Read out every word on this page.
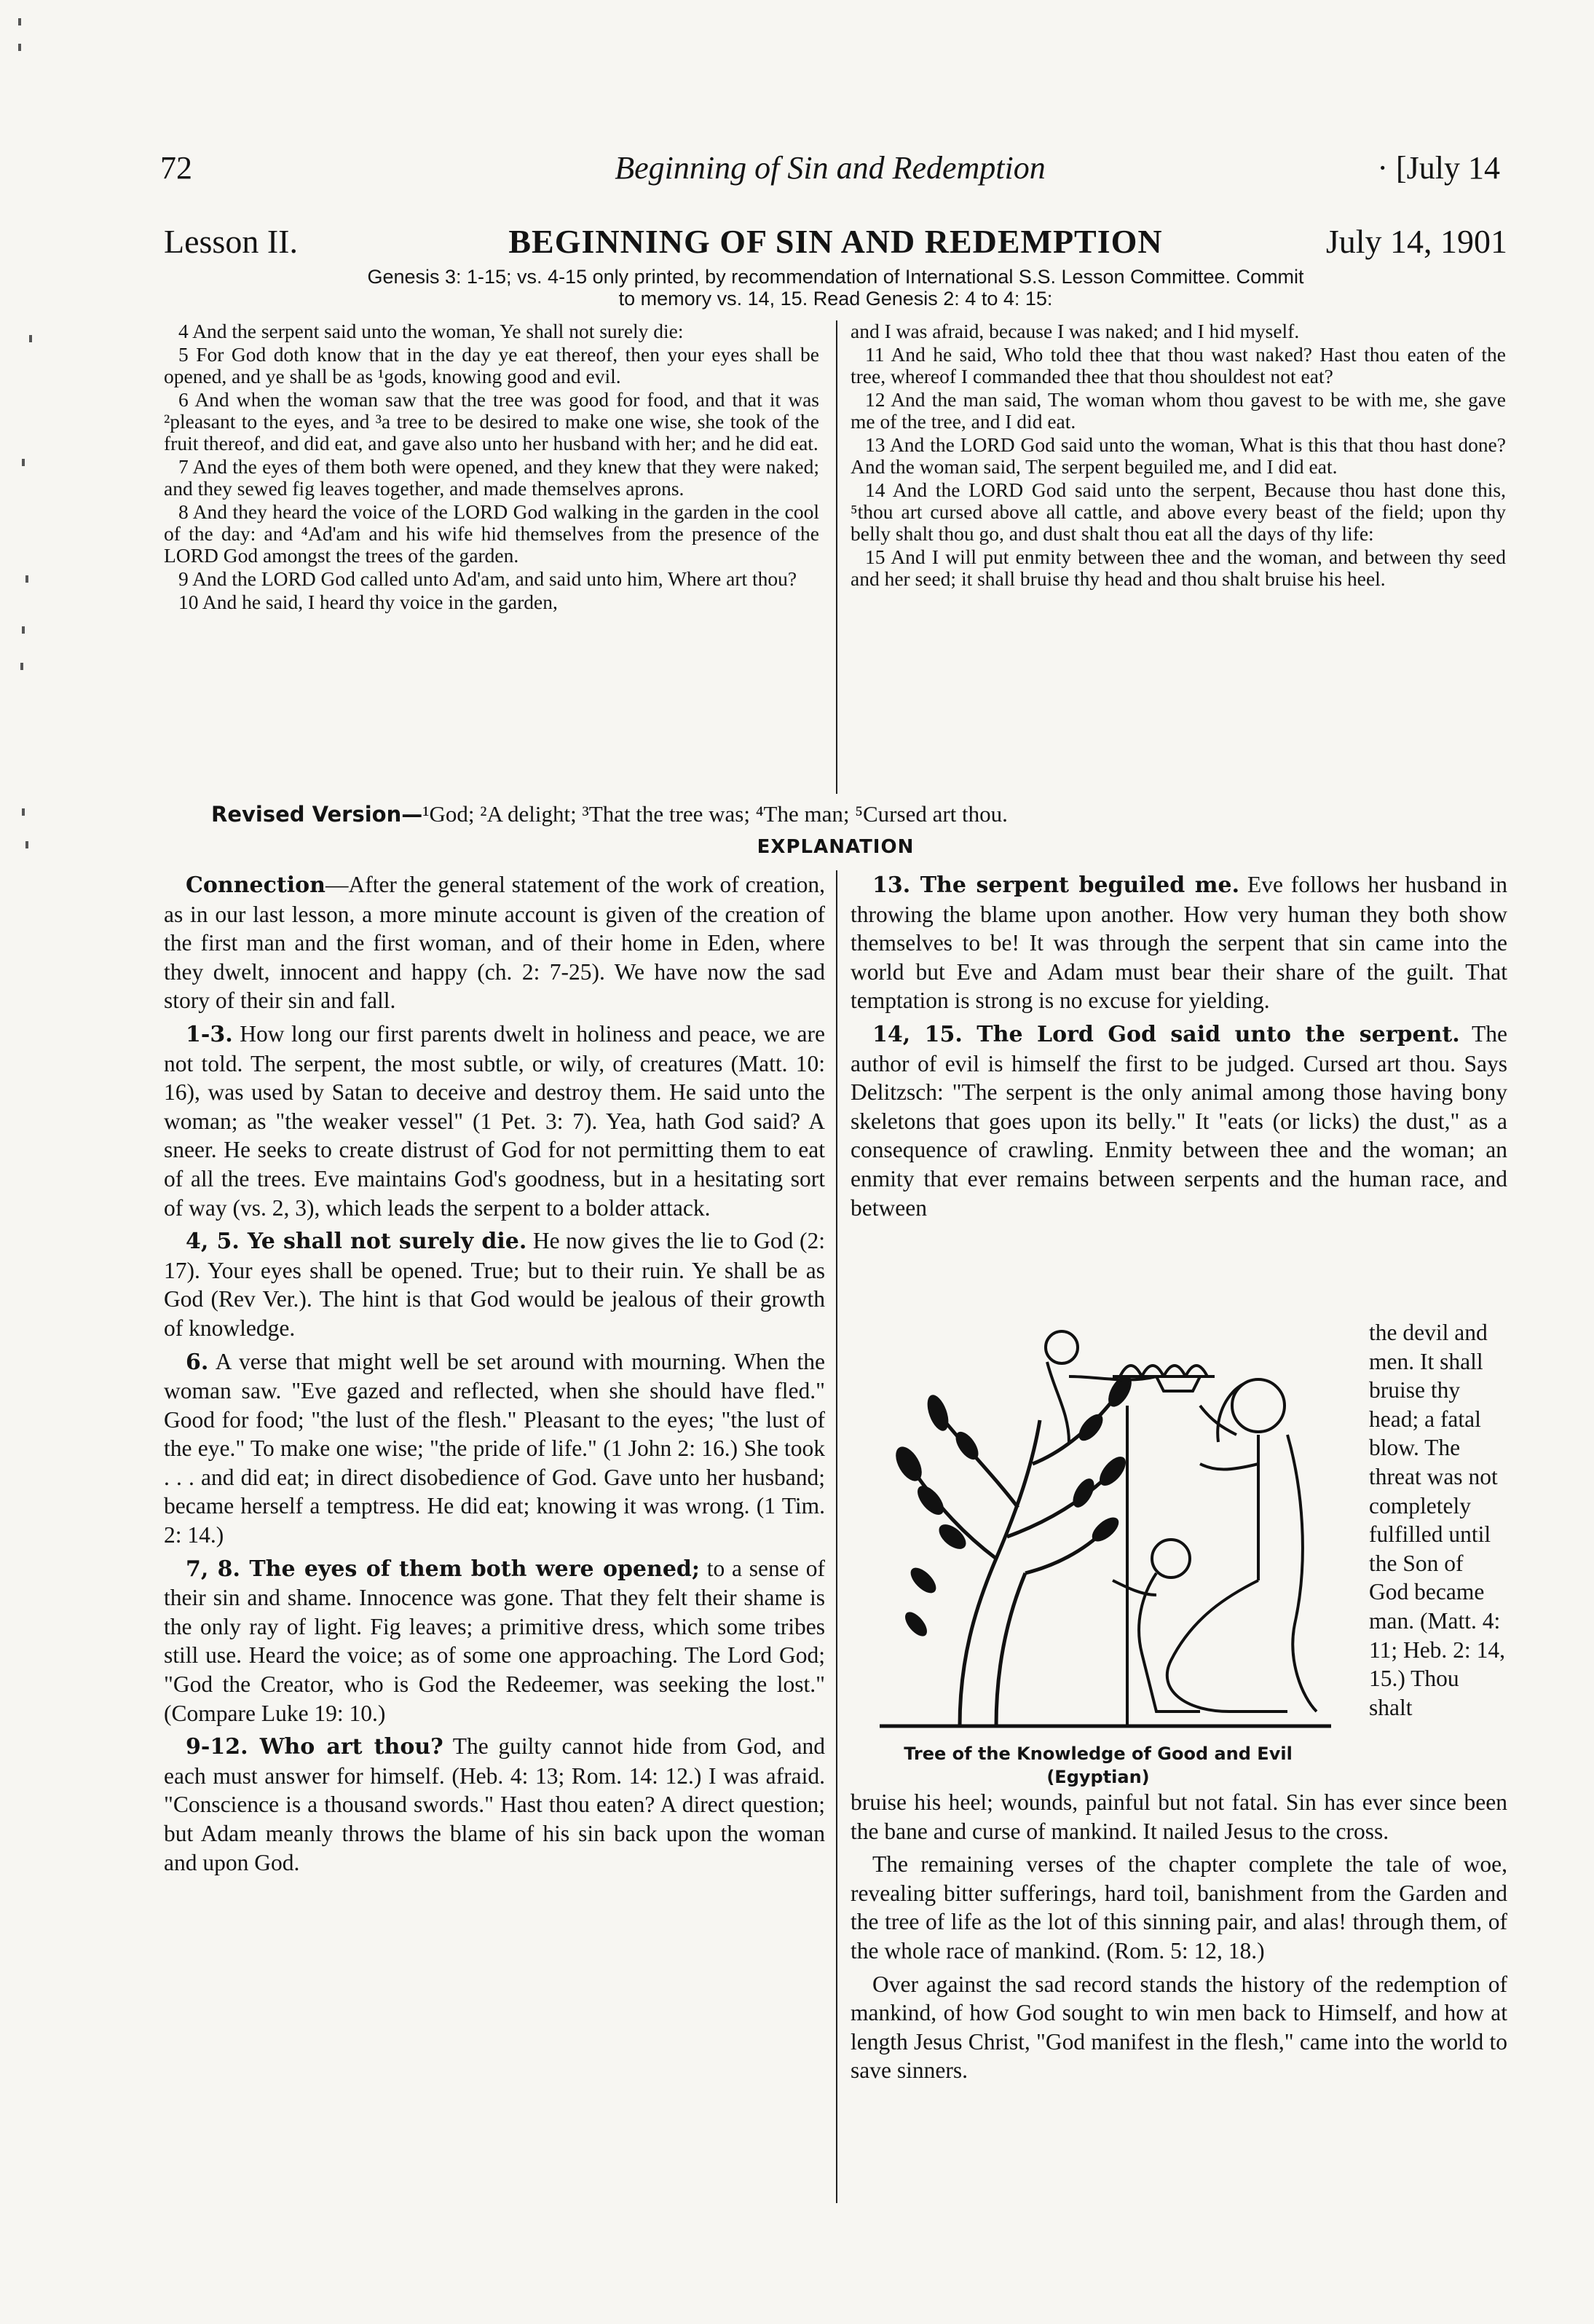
72	Beginning of Sin and Redemption	· [July 14
Lesson II.	BEGINNING OF SIN AND REDEMPTION	July 14, 1901
Genesis 3: 1-15; vs. 4-15 only printed, by recommendation of International S.S. Lesson Committee. Commit
to memory vs. 14, 15. Read Genesis 2: 4 to 4: 15:

4 And the serpent said unto the woman, Ye shall not surely die:

5 For God doth know that in the day ye eat thereof, then your eyes shall be opened, and ye shall be as ¹gods, knowing good and evil.

6 And when the woman saw that the tree was good for food, and that it was ²pleasant to the eyes, and ³a tree to be desired to make one wise, she took of the fruit thereof, and did eat, and gave also unto her husband with her; and he did eat.

7 And the eyes of them both were opened, and they knew that they were naked; and they sewed fig leaves together, and made themselves aprons.

8 And they heard the voice of the LORD God walking in the garden in the cool of the day: and ⁴Ad'am and his wife hid themselves from the presence of the LORD God amongst the trees of the garden.

9 And the LORD God called unto Ad'am, and said unto him, Where art thou?

10 And he said, I heard thy voice in the garden,

and I was afraid, because I was naked; and I hid myself.

11 And he said, Who told thee that thou wast naked? Hast thou eaten of the tree, whereof I commanded thee that thou shouldest not eat?

12 And the man said, The woman whom thou gavest to be with me, she gave me of the tree, and I did eat.

13 And the LORD God said unto the woman, What is this that thou hast done? And the woman said, The serpent beguiled me, and I did eat.

14 And the LORD God said unto the serpent, Because thou hast done this, ⁵thou art cursed above all cattle, and above every beast of the field; upon thy belly shalt thou go, and dust shalt thou eat all the days of thy life:

15 And I will put enmity between thee and the woman, and between thy seed and her seed; it shall bruise thy head and thou shalt bruise his heel.

Revised Version—¹God; ²A delight; ³That the tree was; ⁴The man; ⁵Cursed art thou.
EXPLANATION

Connection—After the general statement of the work of creation, as in our last lesson, a more minute account is given of the creation of the first man and the first woman, and of their home in Eden, where they dwelt, innocent and happy (ch. 2: 7-25). We have now the sad story of their sin and fall.

1-3. How long our first parents dwelt in holiness and peace, we are not told. The serpent, the most subtle, or wily, of creatures (Matt. 10: 16), was used by Satan to deceive and destroy them. He said unto the woman; as "the weaker vessel" (1 Pet. 3: 7). Yea, hath God said? A sneer. He seeks to create distrust of God for not permitting them to eat of all the trees. Eve maintains God's goodness, but in a hesitating sort of way (vs. 2, 3), which leads the serpent to a bolder attack.

4, 5. Ye shall not surely die. He now gives the lie to God (2: 17). Your eyes shall be opened. True; but to their ruin. Ye shall be as God (Rev Ver.). The hint is that God would be jealous of their growth of knowledge.

6. A verse that might well be set around with mourning. When the woman saw. "Eve gazed and reflected, when she should have fled." Good for food; "the lust of the flesh." Pleasant to the eyes; "the lust of the eye." To make one wise; "the pride of life." (1 John 2: 16.) She took . . . and did eat; in direct disobedience of God. Gave unto her husband; became herself a temptress. He did eat; knowing it was wrong. (1 Tim. 2: 14.)

7, 8. The eyes of them both were opened; to a sense of their sin and shame. Innocence was gone. That they felt their shame is the only ray of light. Fig leaves; a primitive dress, which some tribes still use. Heard the voice; as of some one approaching. The Lord God; "God the Creator, who is God the Redeemer, was seeking the lost." (Compare Luke 19: 10.)

9-12. Who art thou? The guilty cannot hide from God, and each must answer for himself. (Heb. 4: 13; Rom. 14: 12.) I was afraid. "Conscience is a thousand swords." Hast thou eaten? A direct question; but Adam meanly throws the blame of his sin back upon the woman and upon God.

13. The serpent beguiled me. Eve follows her husband in throwing the blame upon another. How very human they both show themselves to be! It was through the serpent that sin came into the world but Eve and Adam must bear their share of the guilt. That temptation is strong is no excuse for yielding.

14, 15. The Lord God said unto the serpent. The author of evil is himself the first to be judged. Cursed art thou. Says Delitzsch: "The serpent is the only animal among those having bony skeletons that goes upon its belly." It "eats (or licks) the dust," as a consequence of crawling. Enmity between thee and the woman; an enmity that ever remains between serpents and the human race, and between

Tree of the Knowledge of Good and Evil
(Egyptian)
the devil and men. It shall bruise thy head; a fatal blow. The threat was not completely fulfilled until the Son of God became man. (Matt. 4: 11; Heb. 2: 14, 15.) Thou shalt

bruise his heel; wounds, painful but not fatal. Sin has ever since been the bane and curse of mankind. It nailed Jesus to the cross.

The remaining verses of the chapter complete the tale of woe, revealing bitter sufferings, hard toil, banishment from the Garden and the tree of life as the lot of this sinning pair, and alas! through them, of the whole race of mankind. (Rom. 5: 12, 18.)

Over against the sad record stands the history of the redemption of mankind, of how God sought to win men back to Himself, and how at length Jesus Christ, "God manifest in the flesh," came into the world to save sinners.
